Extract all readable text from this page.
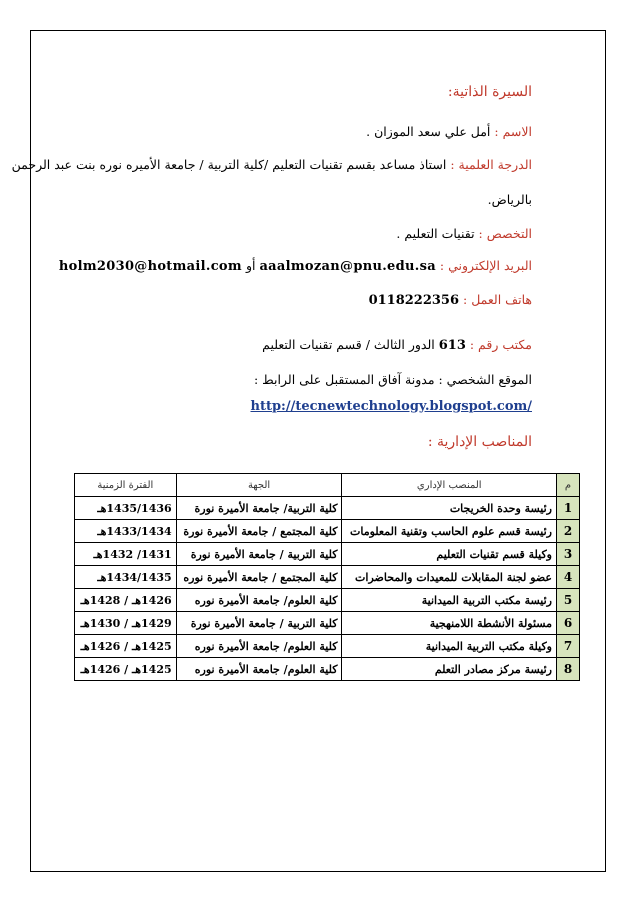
السيرة الذاتية:
الاسم : أمل علي سعد الموزان .
الدرجة العلمية : استاذ مساعد بقسم تقنيات التعليم /كلية التربية / جامعة الأميره نوره بنت عبد الرحمن
بالرياض.
التخصص : تقنيات التعليم .
البريد الإلكتروني : aaalmozan@pnu.edu.sa أو holm2030@hotmail.com
هاتف العمل : 0118222356
مكتب رقم : 613 الدور الثالث / قسم تقنيات التعليم
الموقع الشخصي : مدونة آفاق المستقبل على الرابط :
http://tecnewtechnology.blogspot.com/
المناصب الإدارية :
م	المنصب الإداري	الجهة	الفترة الزمنية
1	رئيسة وحدة الخريجات	كلية التربية/ جامعة الأميرة نورة	1435/1436هـ
2	رئيسة قسم علوم الحاسب وتقنية المعلومات	كلية المجتمع / جامعة الأميرة نورة	1433/1434هـ
3	وكيلة قسم تقنيات التعليم	كلية التربية / جامعة الأميرة نورة	1431/ 1432هـ
4	عضو لجنة المقابلات للمعيدات والمحاضرات	كلية المجتمع / جامعة الأميرة نوره	1434/1435هـ
5	رئيسة مكتب التربية الميدانية	كلية العلوم/ جامعة الأميرة نوره	1426هـ / 1428هـ
6	مسئولة الأنشطة اللامنهجية	كلية التربية / جامعة الأميرة نورة	1429هـ / 1430هـ
7	وكيلة مكتب التربية الميدانية	كلية العلوم/ جامعة الأميرة نوره	1425هـ / 1426هـ
8	رئيسة مركز مصادر التعلم	كلية العلوم/ جامعة الأميرة نوره	1425هـ / 1426هـ
